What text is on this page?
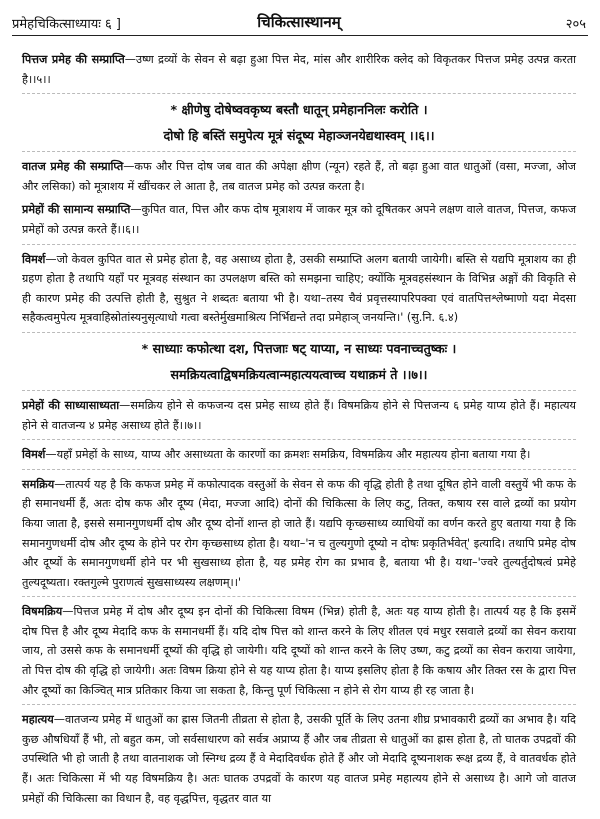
प्रमेहचिकित्साध्यायः ६ ]	चिकित्सास्थानम्	२०५

पित्तज प्रमेह की सम्प्राप्ति—उष्ण द्रव्यों के सेवन से बढ़ा हुआ पित्त मेद, मांस और शारीरिक क्लेद को विकृतकर पित्तज प्रमेह उत्पन्न करता है।।५।।

* क्षीणेषु दोषेष्ववकृष्य बस्तौ धातून् प्रमेहाननिलः करोति ।
दोषो हि बस्तिं समुपेत्य मूत्रं संदूष्य मेहाञ्जनयेद्यथास्वम् ।।६।।

वातज प्रमेह की सम्प्राप्ति—कफ और पित्त दोष जब वात की अपेक्षा क्षीण (न्यून) रहते हैं, तो बढ़ा हुआ वात धातुओं (वसा, मज्जा, ओज और लसिका) को मूत्राशय में खींचकर ले आता है, तब वातज प्रमेह को उत्पन्न करता है।

प्रमेहों की सामान्य सम्प्राप्ति—कुपित वात, पित्त और कफ दोष मूत्राशय में जाकर मूत्र को दूषितकर अपने लक्षण वाले वातज, पित्तज, कफज प्रमेहों को उत्पन्न करते हैं।।६।।

विमर्श—जो केवल कुपित वात से प्रमेह होता है, वह असाध्य होता है, उसकी सम्प्राप्ति अलग बतायी जायेगी। बस्ति से यद्यपि मूत्राशय का ही ग्रहण होता है तथापि यहाँ पर मूत्रवह संस्थान का उपलक्षण बस्ति को समझना चाहिए; क्योंकि मूत्रवहसंस्थान के विभिन्न अङ्गों की विकृति से ही कारण प्रमेह की उत्पत्ति होती है, सुश्रुत ने शब्दतः बताया भी है। यथा–तस्य चैवं प्रवृत्तस्यापरिपक्वा एवं वातपित्तश्लेष्माणो यदा मेदसा सहैकत्वमुपेत्य मूत्रवाहिस्रोतांस्यनुसृत्याधो गत्वा बस्तेर्मुखमाश्रित्य निर्भिद्यन्ते तदा प्रमेहाञ् जनयन्ति।' (सु.नि. ६.४)

* साध्याः कफोत्था दश, पित्तजाः षट् याप्या, न साध्यः पवनाच्चतुष्कः ।
समक्रियत्वाद्विषमक्रियत्वान्महात्ययत्वाच्च यथाक्रमं ते ।।७।।

प्रमेहों की साध्यासाध्यता—समक्रिय होने से कफजन्य दस प्रमेह साध्य होते हैं। विषमक्रिय होने से पित्तजन्य ६ प्रमेह याप्य होते हैं। महात्यय होने से वातजन्य ४ प्रमेह असाध्य होते हैं।।७।।

विमर्श—यहाँ प्रमेहों के साध्य, याप्य और असाध्यता के कारणों का क्रमशः समक्रिय, विषमक्रिय और महात्यय होना बताया गया है।

समक्रिय—तात्पर्य यह है कि कफज प्रमेह में कफोत्पादक वस्तुओं के सेवन से कफ की वृद्धि होती है तथा दूषित होने वाली वस्तुयें भी कफ के ही समानधर्मी हैं, अतः दोष कफ और दूष्य (मेदा, मज्जा आदि) दोनों की चिकित्सा के लिए कटु, तिक्त, कषाय रस वाले द्रव्यों का प्रयोग किया जाता है, इससे समानगुणधर्मी दोष और दूष्य दोनों शान्त हो जाते हैं। यद्यपि कृच्छ्साध्य व्याधियों का वर्णन करते हुए बताया गया है कि समानगुणधर्मी दोष और दूष्य के होने पर रोग कृच्छ्साध्य होता है। यथा–'न च तुल्यगुणो दूष्यो न दोषः प्रकृतिर्भवेत्' इत्यादि। तथापि प्रमेह दोष और दूष्यों के समानगुणधर्मी होने पर भी सुखसाध्य होता है, यह प्रमेह रोग का प्रभाव है, बताया भी है। यथा–'ज्वरे तुल्यर्तुदोषत्वं प्रमेहे तुल्यदूष्यता। रक्तगुल्मे पुराणत्वं सुखसाध्यस्य लक्षणम्।।'

विषमक्रिय—पित्तज प्रमेह में दोष और दूष्य इन दोनों की चिकित्सा विषम (भिन्न) होती है, अतः यह याप्य होती है। तात्पर्य यह है कि इसमें दोष पित्त है और दूष्य मेदादि कफ के समानधर्मी हैं। यदि दोष पित्त को शान्त करने के लिए शीतल एवं मधुर रसवाले द्रव्यों का सेवन कराया जाय, तो उससे कफ के समानधर्मी दूष्यों की वृद्धि हो जायेगी। यदि दूष्यों को शान्त करने के लिए उष्ण, कटु द्रव्यों का सेवन कराया जायेगा, तो पित्त दोष की वृद्धि हो जायेगी। अतः विषम क्रिया होने से यह याप्य होता है। याप्य इसलिए होता है कि कषाय और तिक्त रस के द्वारा पित्त और दूष्यों का किञ्चित् मात्र प्रतिकार किया जा सकता है, किन्तु पूर्ण चिकित्सा न होने से रोग याप्य ही रह जाता है।

महात्यय—वातजन्य प्रमेह में धातुओं का ह्रास जितनी तीव्रता से होता है, उसकी पूर्ति के लिए उतना शीघ्र प्रभावकारी द्रव्यों का अभाव है। यदि कुछ औषधियाँ हैं भी, तो बहुत कम, जो सर्वसाधारण को सर्वत्र अप्राप्य हैं और जब तीव्रता से धातुओं का ह्रास होता है, तो घातक उपद्रवों की उपस्थिति भी हो जाती है तथा वातनाशक जो स्निग्ध द्रव्य हैं वे मेदादिवर्धक होते हैं और जो मेदादि दूष्यनाशक रूक्ष द्रव्य हैं, वे वातवर्धक होते हैं। अतः चिकित्सा में भी यह विषमक्रिय है। अतः घातक उपद्रवों के कारण यह वातज प्रमेह महात्यय होने से असाध्य है। आगे जो वातज प्रमेहों की चिकित्सा का विधान है, वह वृद्धपित्त, वृद्धतर वात या
